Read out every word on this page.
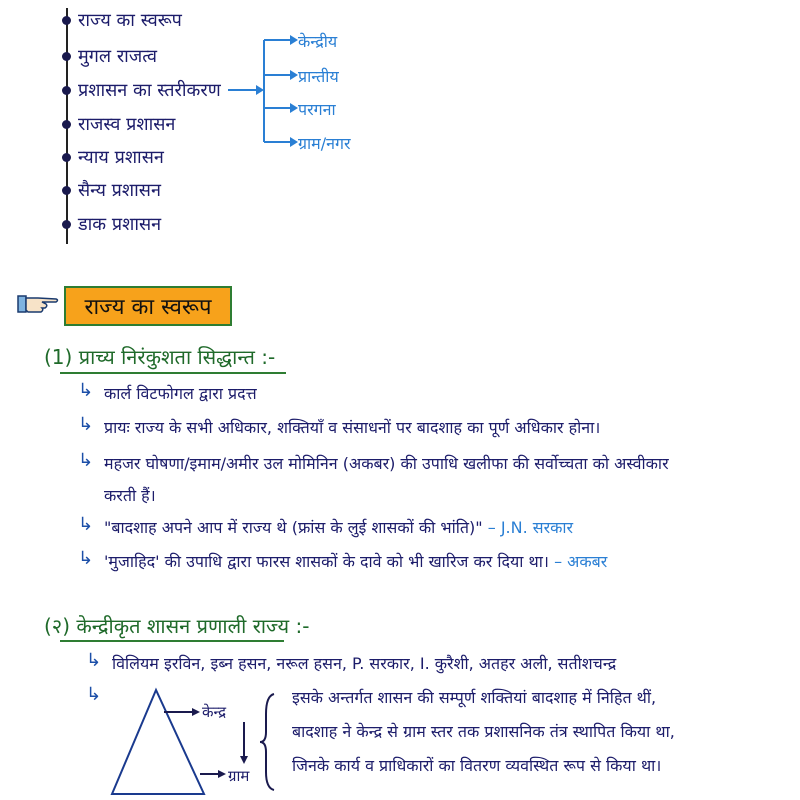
राज्य का स्वरूप
मुगल राजत्व
प्रशासन का स्तरीकरण
राजस्व प्रशासन
न्याय प्रशासन
सैन्य प्रशासन
डाक प्रशासन
केन्द्रीय
प्रान्तीय
परगना
ग्राम/नगर
राज्य का स्वरूप
(1) प्राच्य निरंकुशता सिद्धान्त :-
↳ कार्ल विटफोगल द्वारा प्रदत्त
↳ प्रायः राज्य के सभी अधिकार, शक्तियाँ व संसाधनों पर बादशाह का पूर्ण अधिकार होना।
↳ महजर घोषणा/इमाम/अमीर उल मोमिनिन (अकबर) की उपाधि खलीफा की सर्वोच्चता को अस्वीकार
करती हैं।
↳ "बादशाह अपने आप में राज्य थे (फ्रांस के लुई शासकों की भांति)" – J.N. सरकार
↳ 'मुजाहिद' की उपाधि द्वारा फारस शासकों के दावे को भी खारिज कर दिया था। – अकबर
(२) केन्द्रीकृत शासन प्रणाली राज्य :-
↳ विलियम इरविन, इब्न हसन, नरूल हसन, P. सरकार, I. कुरैशी, अतहर अली, सतीशचन्द्र
↳
केन्द्र
ग्राम
इसके अन्तर्गत शासन की सम्पूर्ण शक्तियां बादशाह में निहित थीं,
बादशाह ने केन्द्र से ग्राम स्तर तक प्रशासनिक तंत्र स्थापित किया था,
जिनके कार्य व प्राधिकारों का वितरण व्यवस्थित रूप से किया था।
